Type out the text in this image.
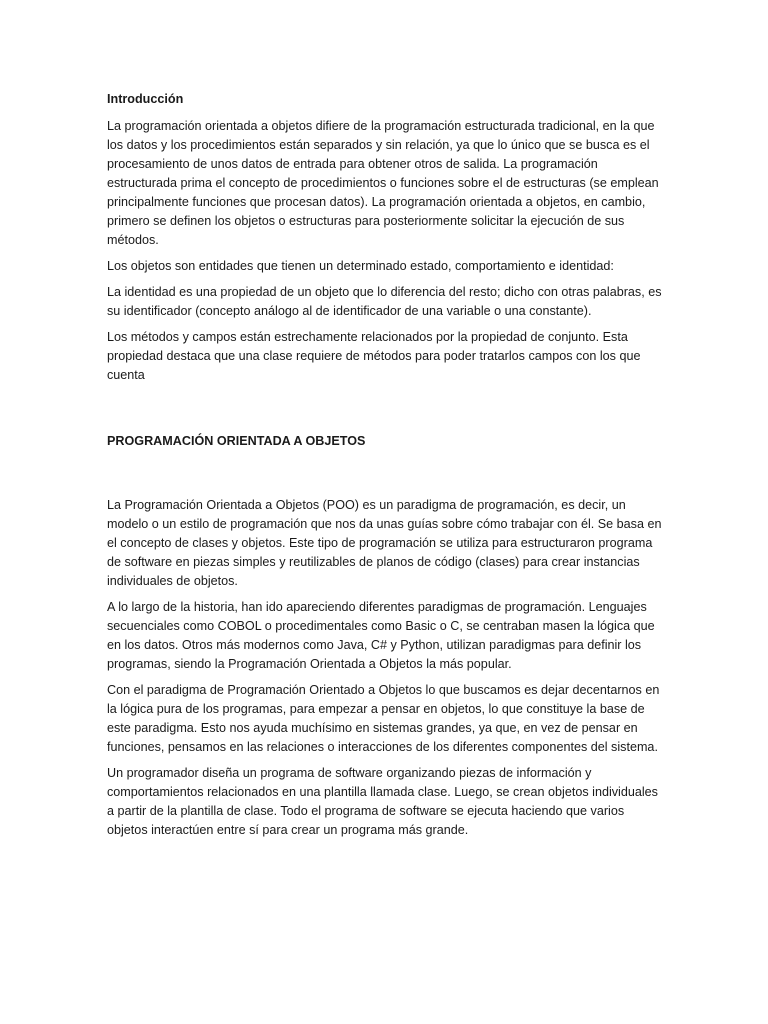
Introducción

La programación orientada a objetos difiere de la programación estructurada tradicional, en la que los datos y los procedimientos están separados y sin relación, ya que lo único que se busca es el procesamiento de unos datos de entrada para obtener otros de salida. La programación estructurada prima el concepto de procedimientos o funciones sobre el de estructuras (se emplean principalmente funciones que procesan datos). La programación orientada a objetos, en cambio, primero se definen los objetos o estructuras para posteriormente solicitar la ejecución de sus métodos.

Los objetos son entidades que tienen un determinado estado, comportamiento e identidad:

La identidad es una propiedad de un objeto que lo diferencia del resto; dicho con otras palabras, es su identificador (concepto análogo al de identificador de una variable o una constante).

Los métodos y campos están estrechamente relacionados por la propiedad de conjunto. Esta propiedad destaca que una clase requiere de métodos para poder tratarlos campos con los que cuenta

PROGRAMACIÓN ORIENTADA A OBJETOS

La Programación Orientada a Objetos (POO) es un paradigma de programación, es decir, un modelo o un estilo de programación que nos da unas guías sobre cómo trabajar con él. Se basa en el concepto de clases y objetos. Este tipo de programación se utiliza para estructuraron programa de software en piezas simples y reutilizables de planos de código (clases) para crear instancias individuales de objetos.

A lo largo de la historia, han ido apareciendo diferentes paradigmas de programación. Lenguajes secuenciales como COBOL o procedimentales como Basic o C, se centraban masen la lógica que en los datos. Otros más modernos como Java, C# y Python, utilizan paradigmas para definir los programas, siendo la Programación Orientada a Objetos la más popular.

Con el paradigma de Programación Orientado a Objetos lo que buscamos es dejar decentarnos en la lógica pura de los programas, para empezar a pensar en objetos, lo que constituye la base de este paradigma. Esto nos ayuda muchísimo en sistemas grandes, ya que, en vez de pensar en funciones, pensamos en las relaciones o interacciones de los diferentes componentes del sistema.

Un programador diseña un programa de software organizando piezas de información y comportamientos relacionados en una plantilla llamada clase. Luego, se crean objetos individuales a partir de la plantilla de clase. Todo el programa de software se ejecuta haciendo que varios objetos interactúen entre sí para crear un programa más grande.
